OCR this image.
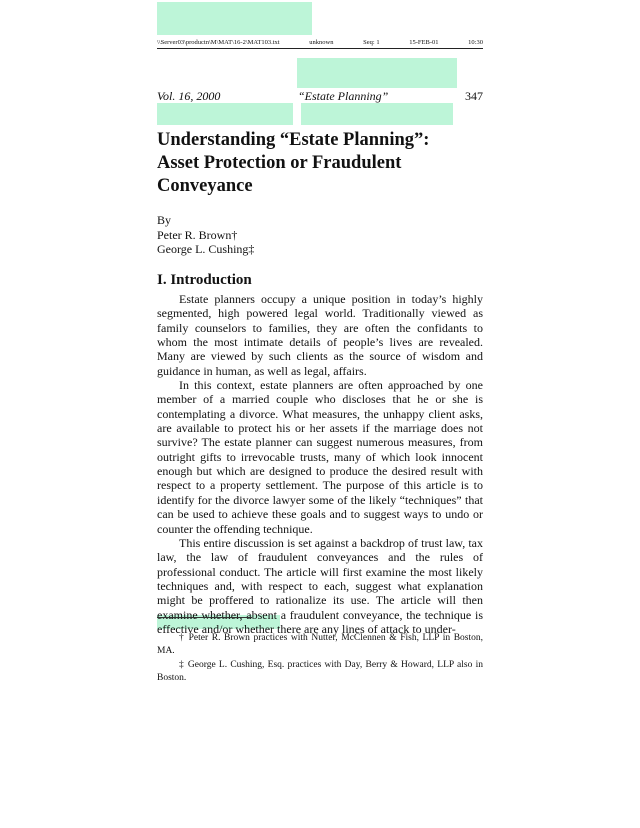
\\Server03\productn\M\MAT\16-2\MAT103.txt	unknown	Seq: 1	15-FEB-01	10:30
Vol. 16, 2000	“Estate Planning”	347
Understanding “Estate Planning”:
Asset Protection or Fraudulent
Conveyance
By
Peter R. Brown†
George L. Cushing‡
I. Introduction

Estate planners occupy a unique position in today’s highly segmented, high powered legal world. Traditionally viewed as family counselors to families, they are often the confidants to whom the most intimate details of people’s lives are revealed. Many are viewed by such clients as the source of wisdom and guidance in human, as well as legal, affairs.

In this context, estate planners are often approached by one member of a married couple who discloses that he or she is contemplating a divorce. What measures, the unhappy client asks, are available to protect his or her assets if the marriage does not survive? The estate planner can suggest numerous measures, from outright gifts to irrevocable trusts, many of which look innocent enough but which are designed to produce the desired result with respect to a property settlement. The purpose of this article is to identify for the divorce lawyer some of the likely “techniques” that can be used to achieve these goals and to suggest ways to undo or counter the offending technique.

This entire discussion is set against a backdrop of trust law, tax law, the law of fraudulent conveyances and the rules of professional conduct. The article will first examine the most likely techniques and, with respect to each, suggest what explanation might be proffered to rationalize its use. The article will then examine whether, absent a fraudulent conveyance, the technique is effective and/or whether there are any lines of attack to under-

† Peter R. Brown practices with Nutter, McClennen & Fish, LLP in Boston, MA.

‡ George L. Cushing, Esq. practices with Day, Berry & Howard, LLP also in Boston.
